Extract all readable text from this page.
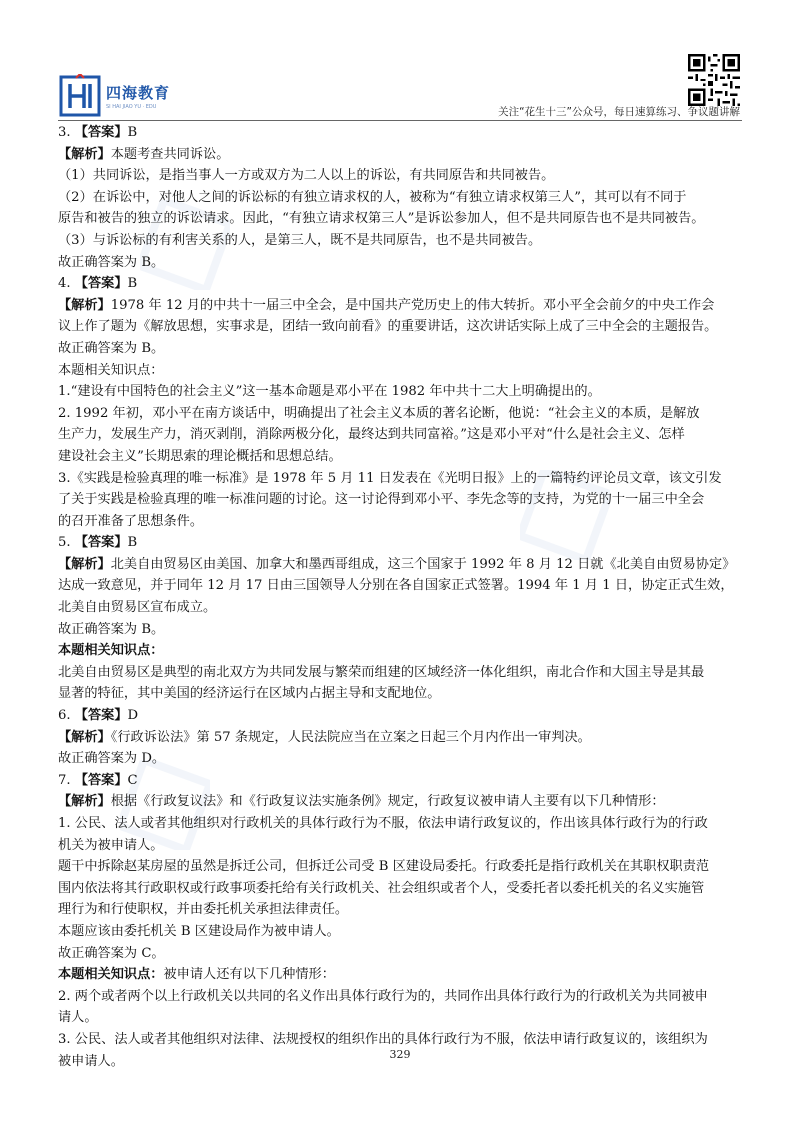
四海教育
SI HAI JIAO YU · EDU	关注“花生十三”公众号，每日速算练习、争议题讲解
3. 【答案】B
【解析】本题考查共同诉讼。
（1）共同诉讼，是指当事人一方或双方为二人以上的诉讼，有共同原告和共同被告。
（2）在诉讼中，对他人之间的诉讼标的有独立请求权的人，被称为“有独立请求权第三人”，其可以有不同于
原告和被告的独立的诉讼请求。因此，“有独立请求权第三人”是诉讼参加人，但不是共同原告也不是共同被告。
（3）与诉讼标的有利害关系的人，是第三人，既不是共同原告，也不是共同被告。
故正确答案为 B。
4. 【答案】B
【解析】1978 年 12 月的中共十一届三中全会，是中国共产党历史上的伟大转折。邓小平全会前夕的中央工作会
议上作了题为《解放思想，实事求是，团结一致向前看》的重要讲话，这次讲话实际上成了三中全会的主题报告。
故正确答案为 B。
本题相关知识点：
1.“建设有中国特色的社会主义”这一基本命题是邓小平在 1982 年中共十二大上明确提出的。
2. 1992 年初，邓小平在南方谈话中，明确提出了社会主义本质的著名论断，他说：“社会主义的本质，是解放
生产力，发展生产力，消灭剥削，消除两极分化，最终达到共同富裕。”这是邓小平对“什么是社会主义、怎样
建设社会主义”长期思索的理论概括和思想总结。
3.《实践是检验真理的唯一标准》是 1978 年 5 月 11 日发表在《光明日报》上的一篇特约评论员文章，该文引发
了关于实践是检验真理的唯一标准问题的讨论。这一讨论得到邓小平、李先念等的支持，为党的十一届三中全会
的召开准备了思想条件。
5. 【答案】B
【解析】北美自由贸易区由美国、加拿大和墨西哥组成，这三个国家于 1992 年 8 月 12 日就《北美自由贸易协定》
达成一致意见，并于同年 12 月 17 日由三国领导人分别在各自国家正式签署。1994 年 1 月 1 日，协定正式生效，
北美自由贸易区宣布成立。
故正确答案为 B。
本题相关知识点：
北美自由贸易区是典型的南北双方为共同发展与繁荣而组建的区域经济一体化组织，南北合作和大国主导是其最
显著的特征，其中美国的经济运行在区域内占据主导和支配地位。
6. 【答案】D
【解析】《行政诉讼法》第 57 条规定，人民法院应当在立案之日起三个月内作出一审判决。
故正确答案为 D。
7. 【答案】C
【解析】根据《行政复议法》和《行政复议法实施条例》规定，行政复议被申请人主要有以下几种情形：
1. 公民、法人或者其他组织对行政机关的具体行政行为不服，依法申请行政复议的，作出该具体行政行为的行政
机关为被申请人。
题干中拆除赵某房屋的虽然是拆迁公司，但拆迁公司受 B 区建设局委托。行政委托是指行政机关在其职权职责范
围内依法将其行政职权或行政事项委托给有关行政机关、社会组织或者个人，受委托者以委托机关的名义实施管
理行为和行使职权，并由委托机关承担法律责任。
本题应该由委托机关 B 区建设局作为被申请人。
故正确答案为 C。
本题相关知识点：被申请人还有以下几种情形：
2. 两个或者两个以上行政机关以共同的名义作出具体行政行为的，共同作出具体行政行为的行政机关为共同被申
请人。
3. 公民、法人或者其他组织对法律、法规授权的组织作出的具体行政行为不服，依法申请行政复议的，该组织为
被申请人。	329
